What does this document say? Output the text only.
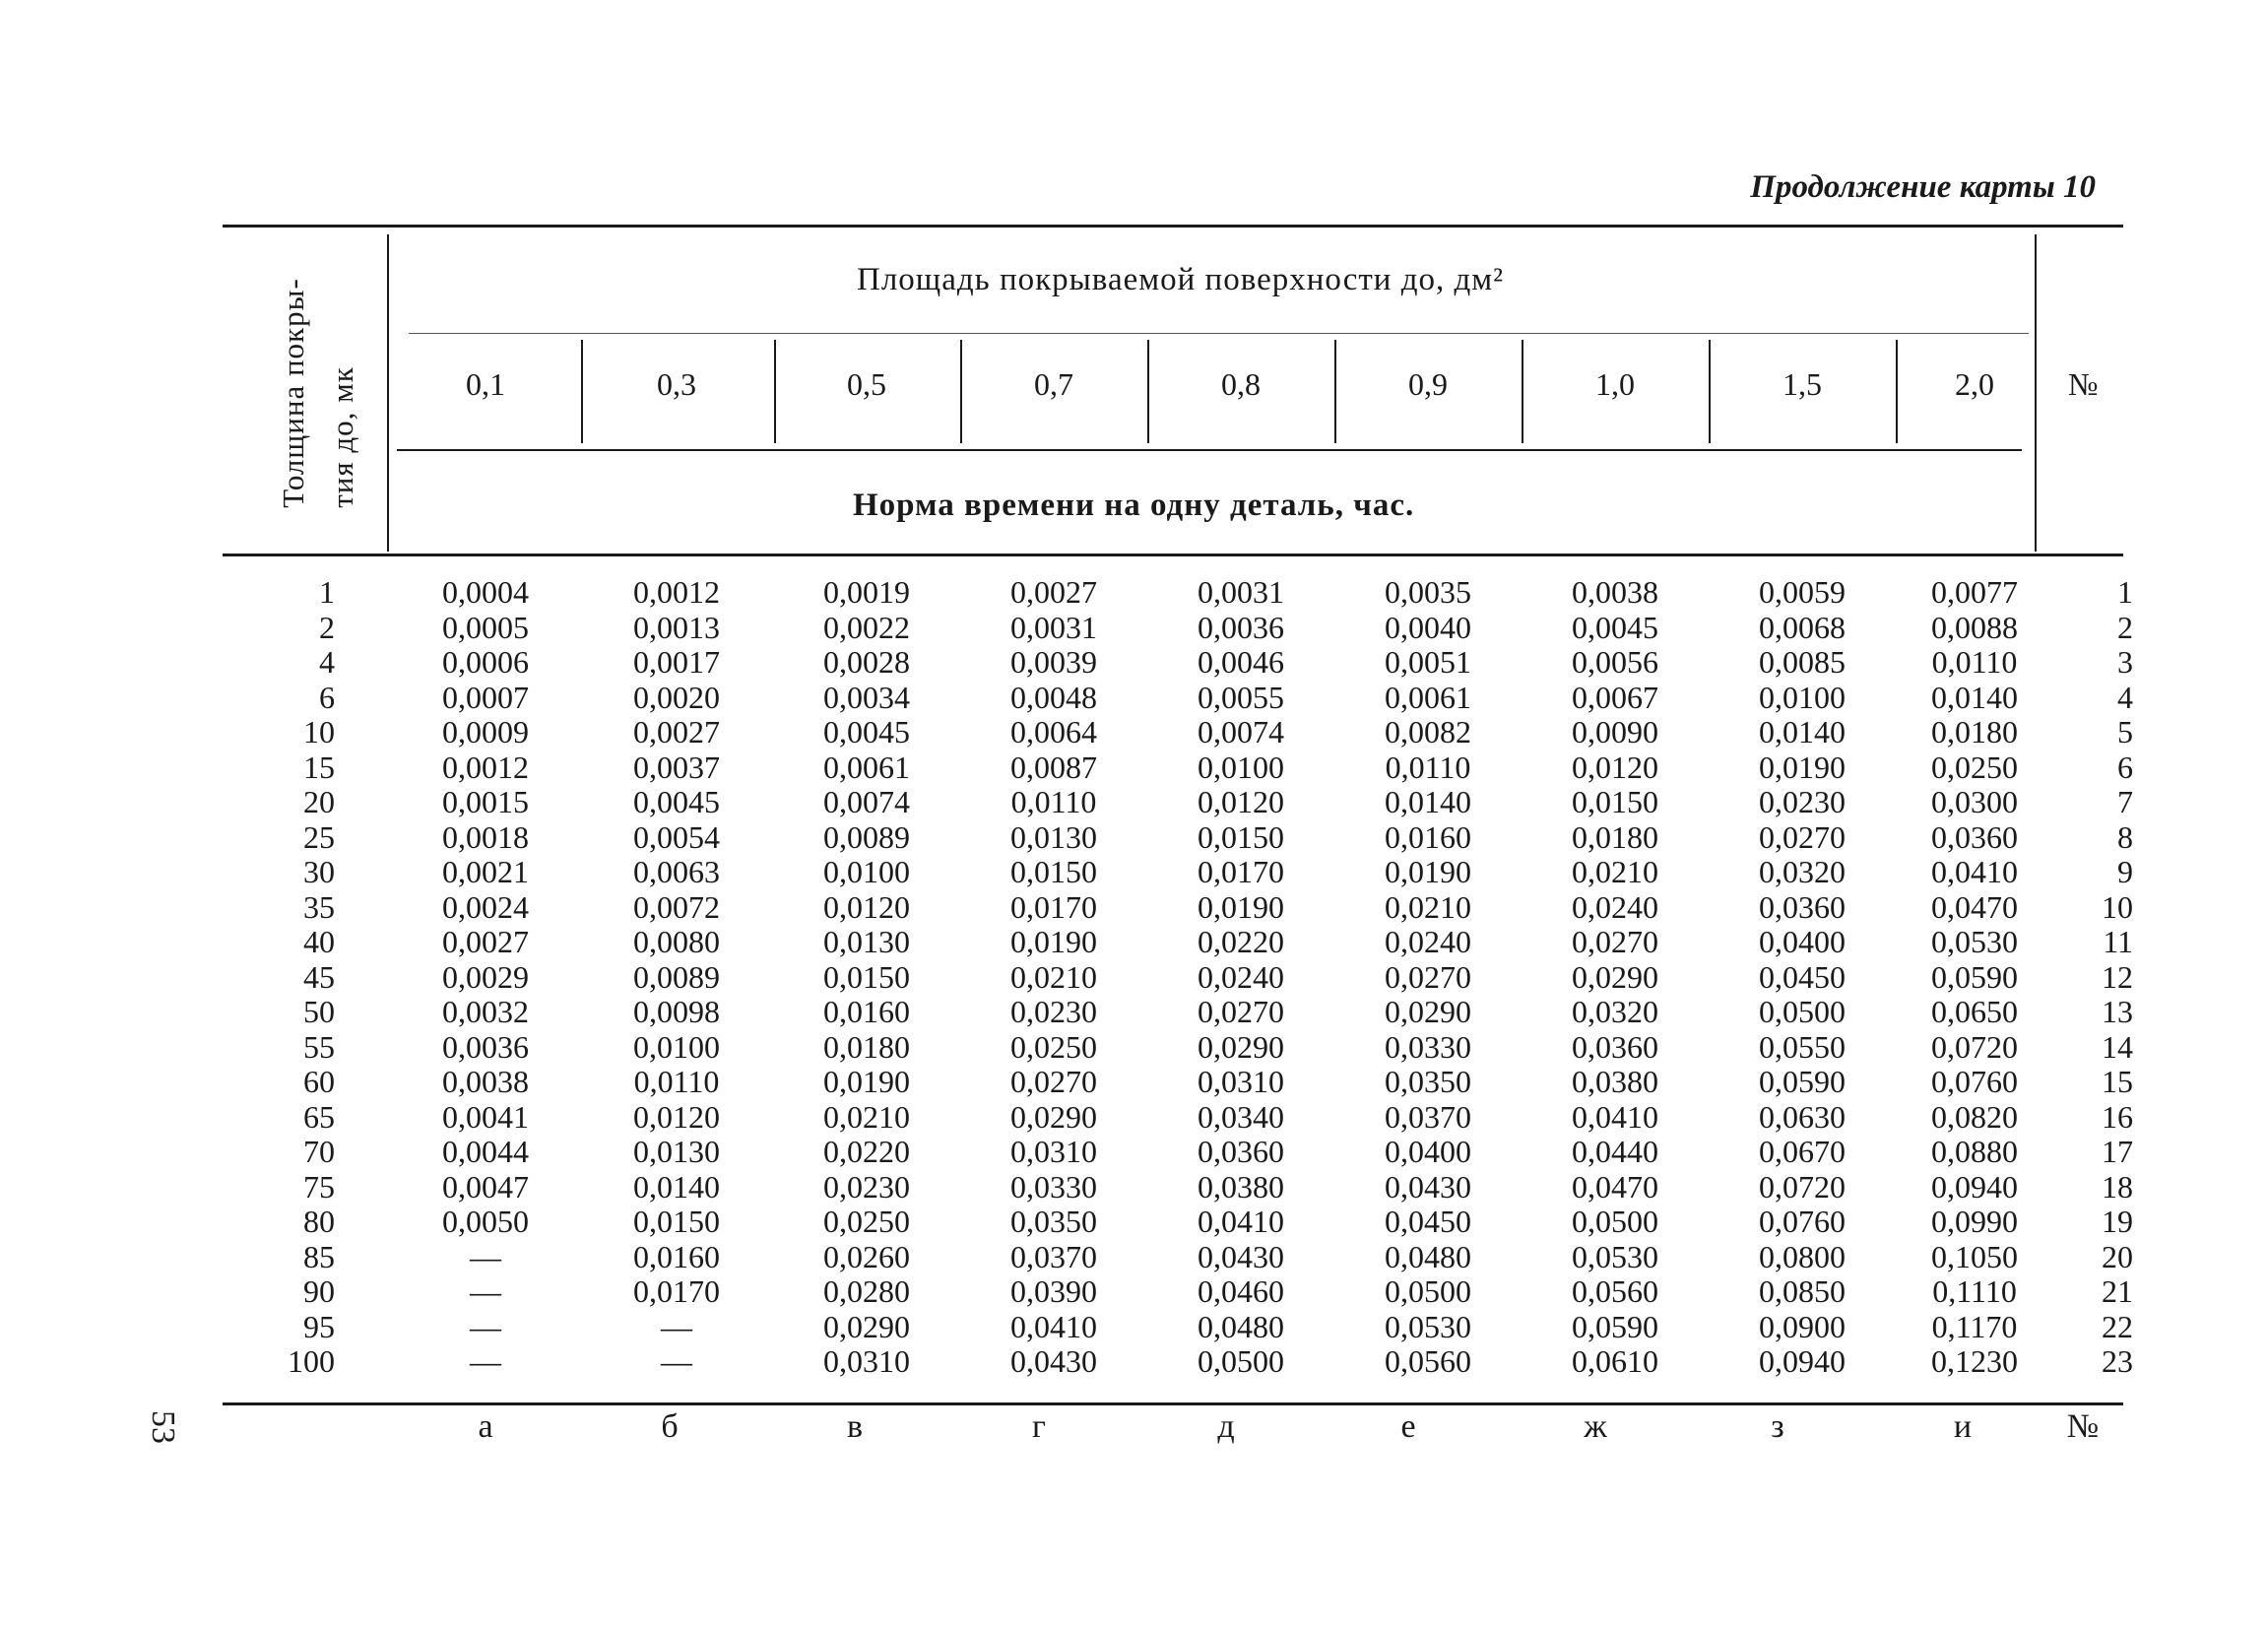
Продолжение карты 10
Толщина покры- тия до, мк
Площадь покрываемой поверхности до, дм²
0,1	0,3	0,5	0,7	0,8	0,9	1,0	1,5	2,0	№
Норма времени на одну деталь, час.
1	0,0004	0,0012	0,0019	0,0027	0,0031	0,0035	0,0038	0,0059	0,0077	1
2	0,0005	0,0013	0,0022	0,0031	0,0036	0,0040	0,0045	0,0068	0,0088	2
4	0,0006	0,0017	0,0028	0,0039	0,0046	0,0051	0,0056	0,0085	0,0110	3
6	0,0007	0,0020	0,0034	0,0048	0,0055	0,0061	0,0067	0,0100	0,0140	4
10	0,0009	0,0027	0,0045	0,0064	0,0074	0,0082	0,0090	0,0140	0,0180	5
15	0,0012	0,0037	0,0061	0,0087	0,0100	0,0110	0,0120	0,0190	0,0250	6
20	0,0015	0,0045	0,0074	0,0110	0,0120	0,0140	0,0150	0,0230	0,0300	7
25	0,0018	0,0054	0,0089	0,0130	0,0150	0,0160	0,0180	0,0270	0,0360	8
30	0,0021	0,0063	0,0100	0,0150	0,0170	0,0190	0,0210	0,0320	0,0410	9
35	0,0024	0,0072	0,0120	0,0170	0,0190	0,0210	0,0240	0,0360	0,0470	10
40	0,0027	0,0080	0,0130	0,0190	0,0220	0,0240	0,0270	0,0400	0,0530	11
45	0,0029	0,0089	0,0150	0,0210	0,0240	0,0270	0,0290	0,0450	0,0590	12
50	0,0032	0,0098	0,0160	0,0230	0,0270	0,0290	0,0320	0,0500	0,0650	13
55	0,0036	0,0100	0,0180	0,0250	0,0290	0,0330	0,0360	0,0550	0,0720	14
60	0,0038	0,0110	0,0190	0,0270	0,0310	0,0350	0,0380	0,0590	0,0760	15
65	0,0041	0,0120	0,0210	0,0290	0,0340	0,0370	0,0410	0,0630	0,0820	16
70	0,0044	0,0130	0,0220	0,0310	0,0360	0,0400	0,0440	0,0670	0,0880	17
75	0,0047	0,0140	0,0230	0,0330	0,0380	0,0430	0,0470	0,0720	0,0940	18
80	0,0050	0,0150	0,0250	0,0350	0,0410	0,0450	0,0500	0,0760	0,0990	19
85	—	0,0160	0,0260	0,0370	0,0430	0,0480	0,0530	0,0800	0,1050	20
90	—	0,0170	0,0280	0,0390	0,0460	0,0500	0,0560	0,0850	0,1110	21
95	—	—	0,0290	0,0410	0,0480	0,0530	0,0590	0,0900	0,1170	22
100	—	—	0,0310	0,0430	0,0500	0,0560	0,0610	0,0940	0,1230	23
53	а	б	в	г	д	е	ж	з	и	№
